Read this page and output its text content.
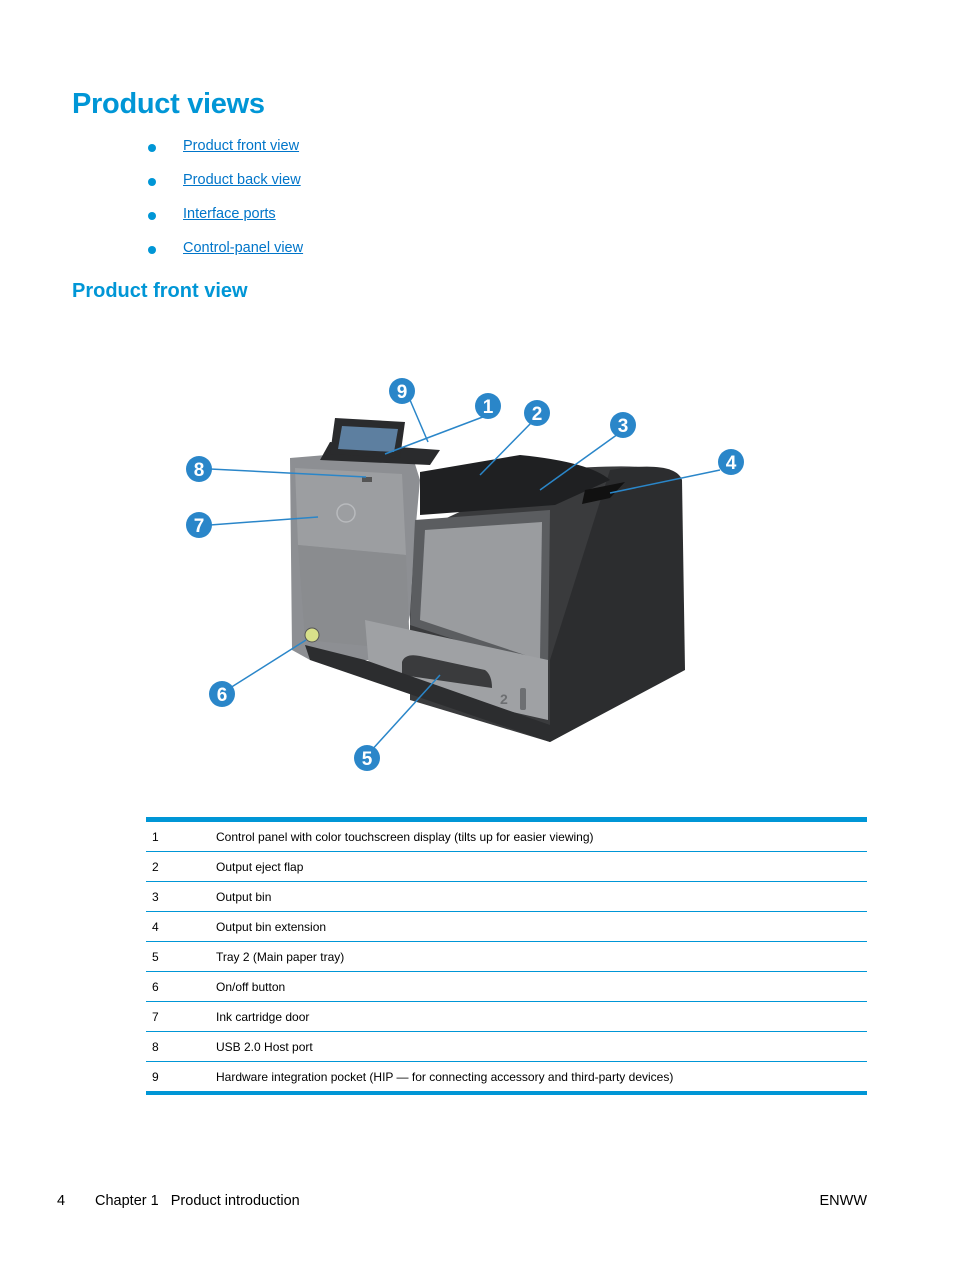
Product views
Product front view
Product back view
Interface ports
Control-panel view
Product front view
2
9
1 2
3
4
8
7
6
5
1	Control panel with color touchscreen display (tilts up for easier viewing)
2	Output eject flap
3	Output bin
4	Output bin extension
5	Tray 2 (Main paper tray)
6	On/off button
7	Ink cartridge door
8	USB 2.0 Host port
9	Hardware integration pocket (HIP — for connecting accessory and third-party devices)
4 Chapter 1   Product introduction	ENWW
